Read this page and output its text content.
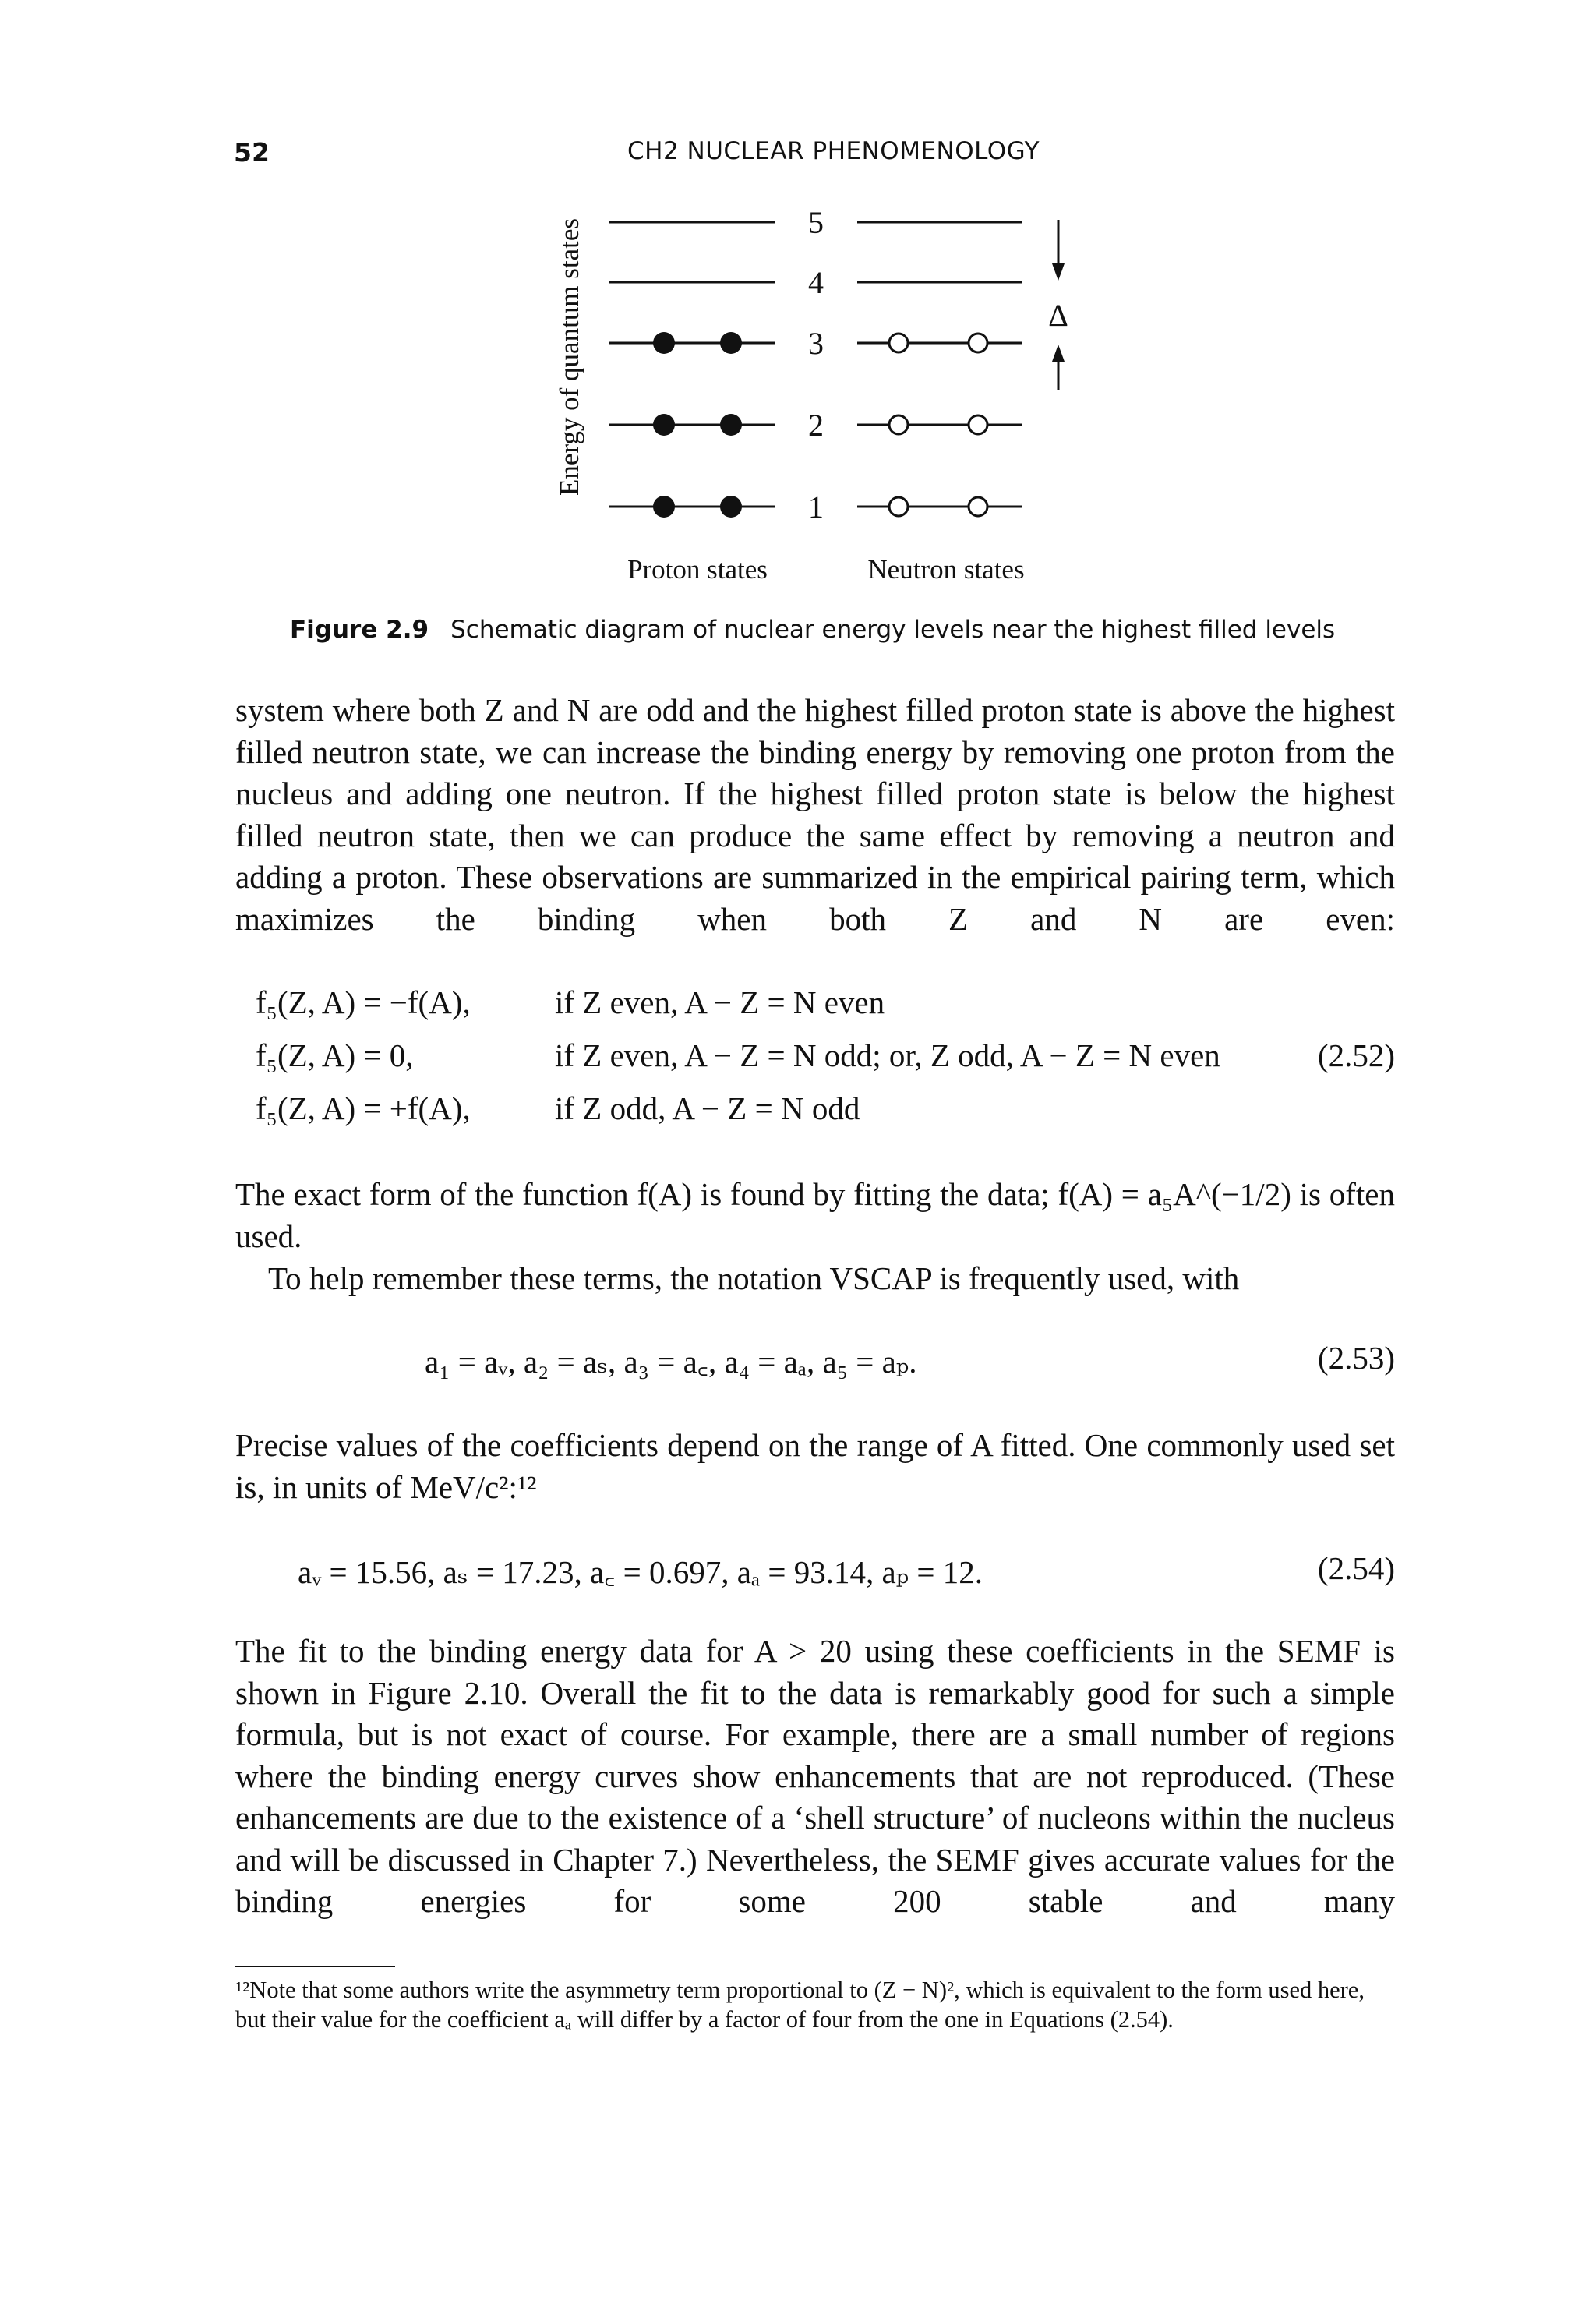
52	CH2 NUCLEAR PHENOMENOLOGY
Energy of quantum states	5
4
3
2
1
Δ
Proton states	Neutron states
Figure 2.9 Schematic diagram of nuclear energy levels near the highest filled levels

system where both Z and N are odd and the highest filled proton state is above the highest filled neutron state, we can increase the binding energy by removing one proton from the nucleus and adding one neutron. If the highest filled proton state is below the highest filled neutron state, then we can produce the same effect by removing a neutron and adding a proton. These observations are summarized in the empirical pairing term, which maximizes the binding when both Z and N are even:

f₅(Z, A) = −f(A),	if Z even, A − Z = N even
f₅(Z, A) = 0,	if Z even, A − Z = N odd; or, Z odd, A − Z = N even	(2.52)
f₅(Z, A) = +f(A),	if Z odd, A − Z = N odd

The exact form of the function f(A) is found by fitting the data; f(A) = a₅A^(−1/2) is often used.

To help remember these terms, the notation VSCAP is frequently used, with

a₁ = aᵥ, a₂ = aₛ, a₃ = a꜀, a₄ = aₐ, a₅ = aₚ.	(2.53)

Precise values of the coefficients depend on the range of A fitted. One commonly used set is, in units of MeV/c²:¹²

aᵥ = 15.56, aₛ = 17.23, a꜀ = 0.697, aₐ = 93.14, aₚ = 12.	(2.54)

The fit to the binding energy data for A > 20 using these coefficients in the SEMF is shown in Figure 2.10. Overall the fit to the data is remarkably good for such a simple formula, but is not exact of course. For example, there are a small number of regions where the binding energy curves show enhancements that are not reproduced. (These enhancements are due to the existence of a ‘shell structure’ of nucleons within the nucleus and will be discussed in Chapter 7.) Nevertheless, the SEMF gives accurate values for the binding energies for some 200 stable and many

¹²Note that some authors write the asymmetry term proportional to (Z − N)², which is equivalent to the form used here, but their value for the coefficient aₐ will differ by a factor of four from the one in Equations (2.54).
